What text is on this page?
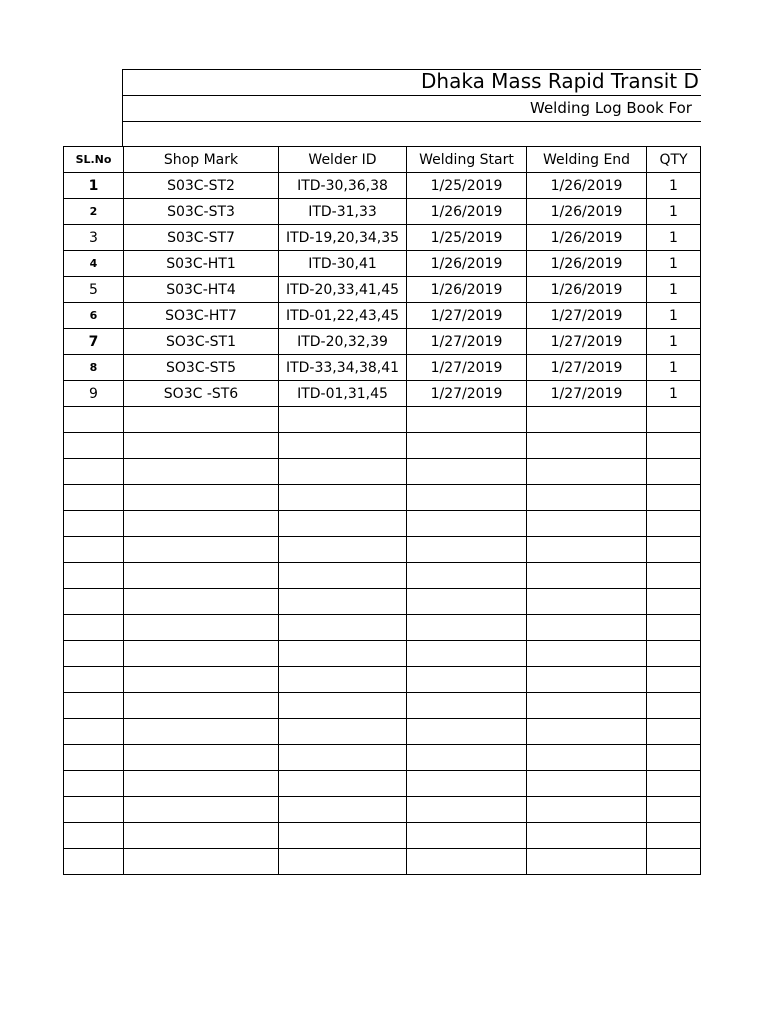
Dhaka Mass Rapid Transit D
Welding Log Book For
SL.No	Shop Mark	Welder ID	Welding Start	Welding End	QTY
1	S03C-ST2	ITD-30,36,38	1/25/2019	1/26/2019	1
2	S03C-ST3	ITD-31,33	1/26/2019	1/26/2019	1
3	S03C-ST7	ITD-19,20,34,35	1/25/2019	1/26/2019	1
4	S03C-HT1	ITD-30,41	1/26/2019	1/26/2019	1
5	S03C-HT4	ITD-20,33,41,45	1/26/2019	1/26/2019	1
6	SO3C-HT7	ITD-01,22,43,45	1/27/2019	1/27/2019	1
7	SO3C-ST1	ITD-20,32,39	1/27/2019	1/27/2019	1
8	SO3C-ST5	ITD-33,34,38,41	1/27/2019	1/27/2019	1
9	SO3C -ST6	ITD-01,31,45	1/27/2019	1/27/2019	1
